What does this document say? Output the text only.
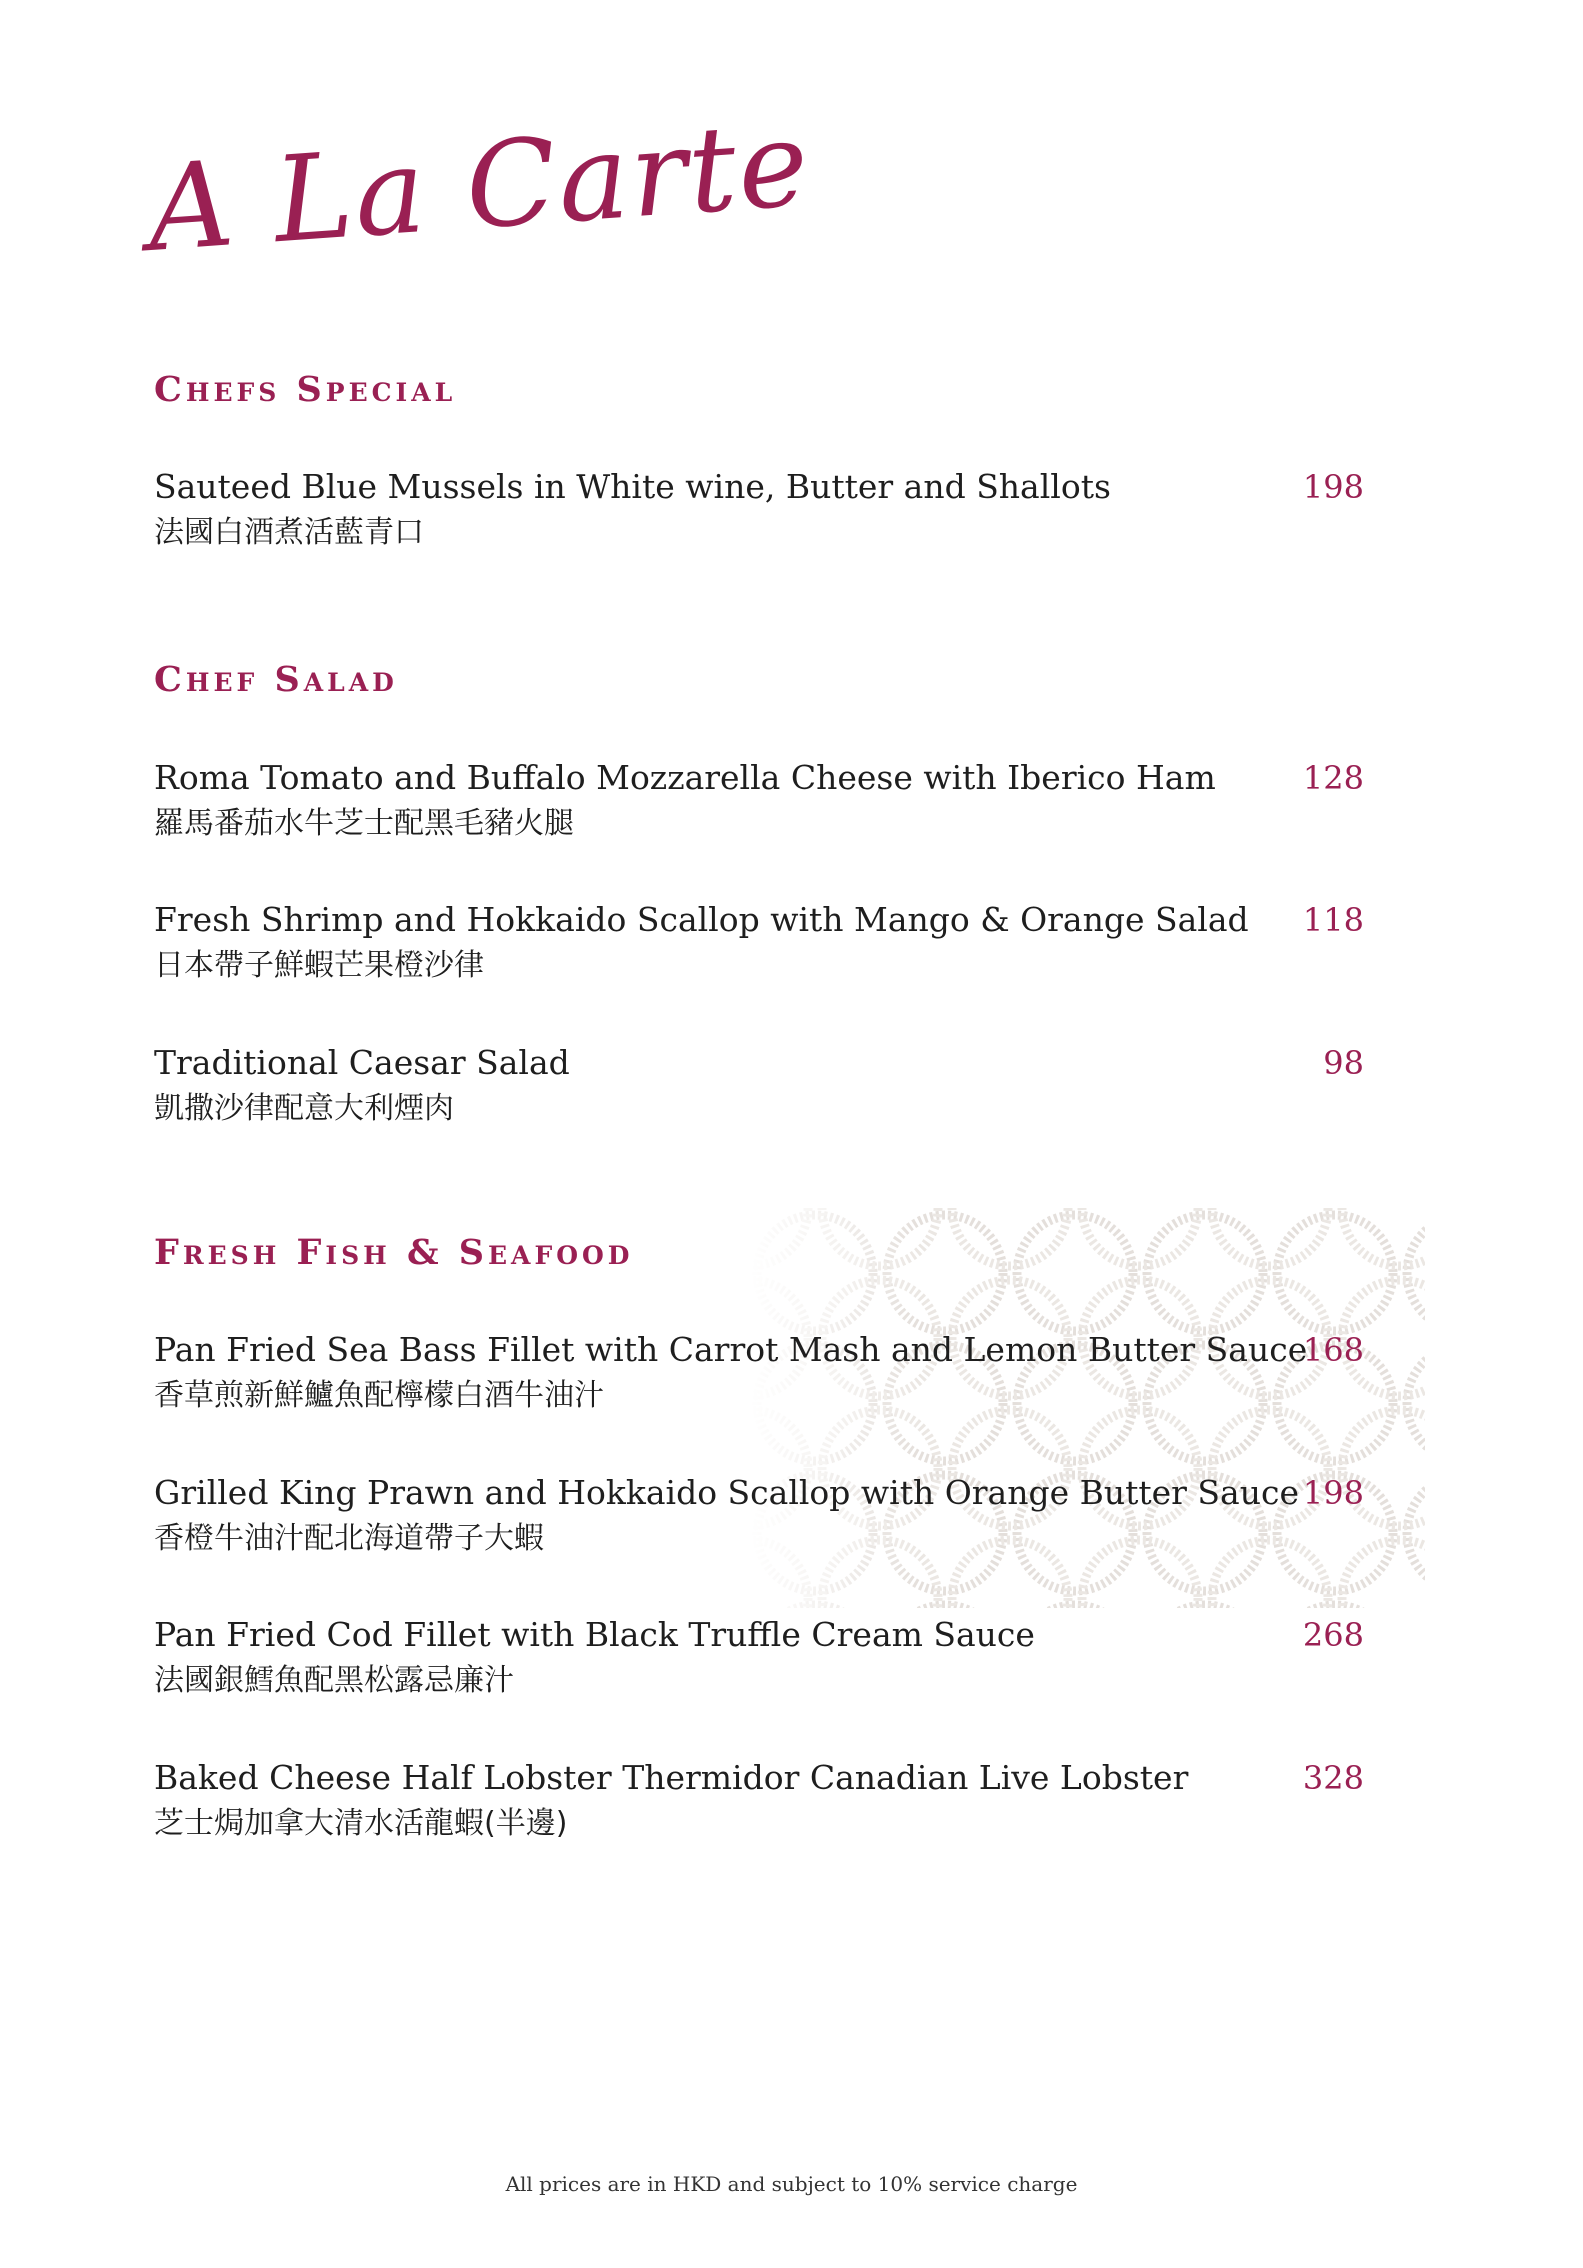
A La Carte
Chefs Special
Sauteed Blue Mussels in White wine, Butter and Shallots
法國白酒煮活藍青口
198
Chef Salad
Roma Tomato and Buffalo Mozzarella Cheese with Iberico Ham
羅馬番茄水牛芝士配黑毛豬火腿
128
Fresh Shrimp and Hokkaido Scallop with Mango & Orange Salad
日本帶子鮮蝦芒果橙沙律
118
Traditional Caesar Salad
凱撒沙律配意大利煙肉
98
Fresh Fish & Seafood
Pan Fried Sea Bass Fillet with Carrot Mash and Lemon Butter Sauce
香草煎新鮮鱸魚配檸檬白酒牛油汁
168
Grilled King Prawn and Hokkaido Scallop with Orange Butter Sauce
香橙牛油汁配北海道帶子大蝦
198
Pan Fried Cod Fillet with Black Truffle Cream Sauce
法國銀鱈魚配黑松露忌廉汁
268
Baked Cheese Half Lobster Thermidor Canadian Live Lobster
芝士焗加拿大清水活龍蝦(半邊)
328
All prices are in HKD and subject to 10% service charge
